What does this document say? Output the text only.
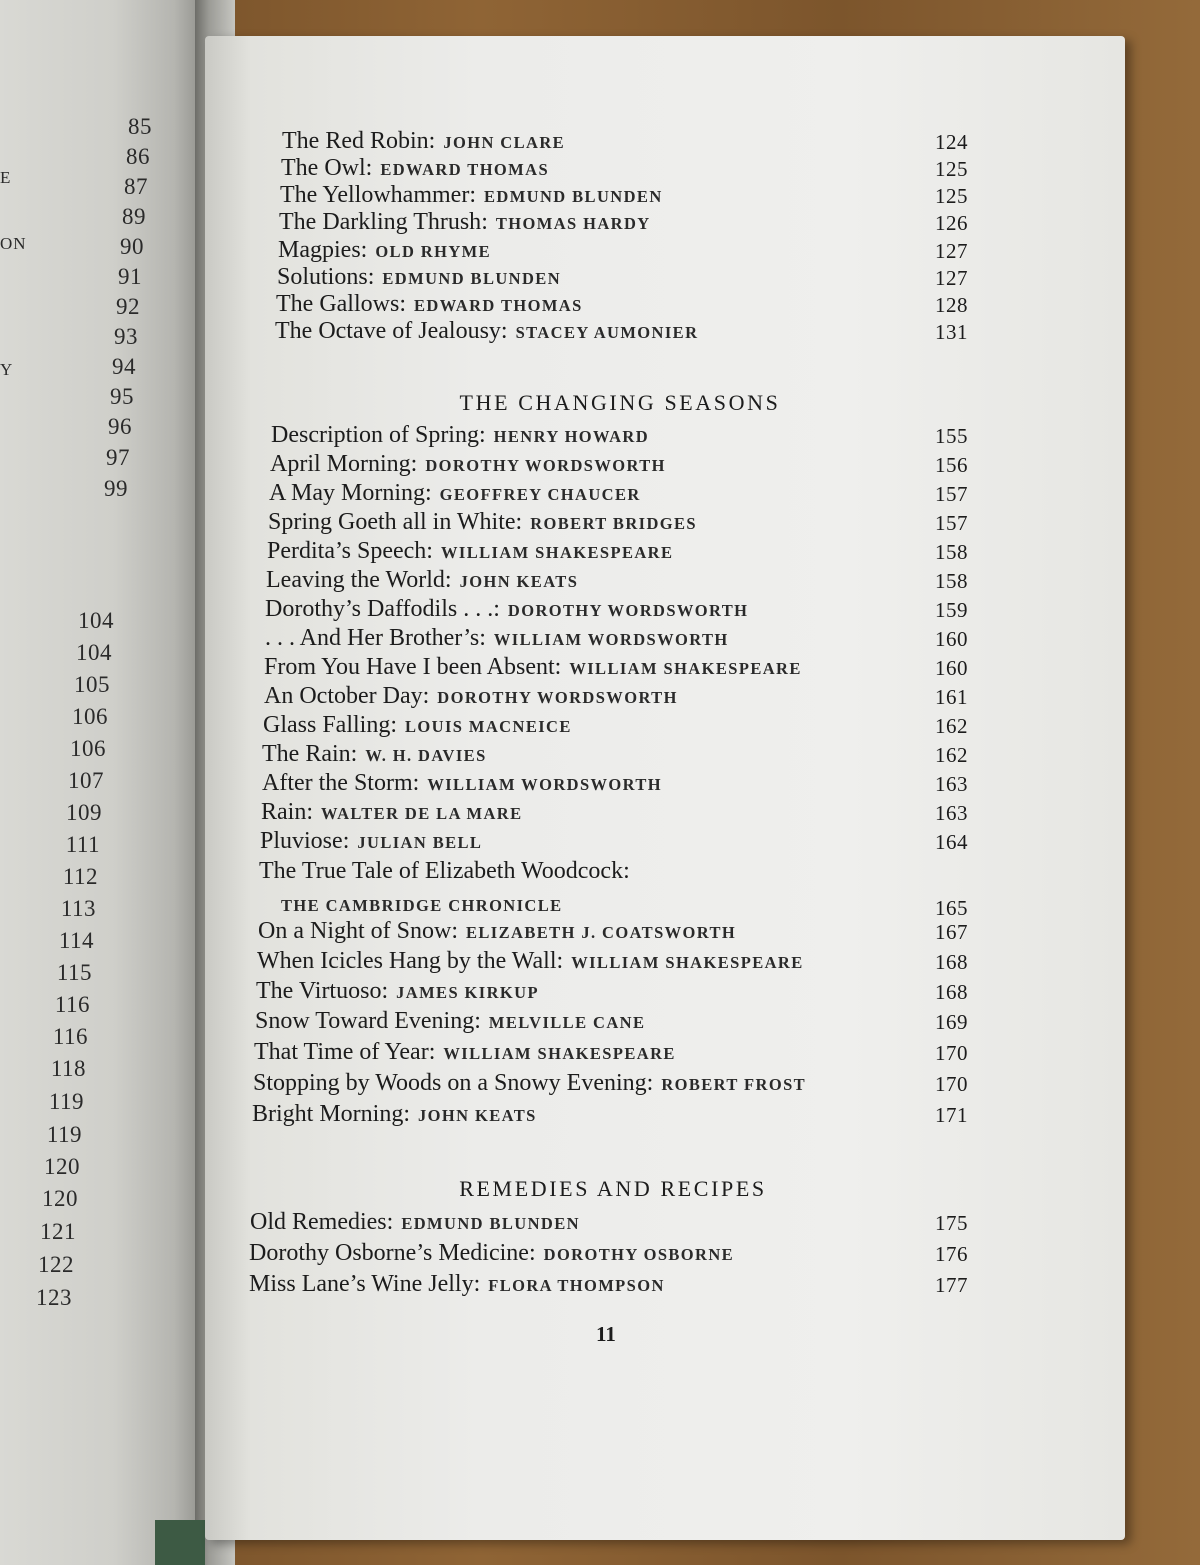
E
ON
Y
85
86
87
89
90
91
92
93
94
95
96
97
99
104
104
105
106
106
107
109
111
112
113
114
115
116
116
118
119
119
120
120
121
122
123
The Red Robin: JOHN CLARE	124
The Owl: EDWARD THOMAS	125
The Yellowhammer: EDMUND BLUNDEN	125
The Darkling Thrush: THOMAS HARDY	126
Magpies: OLD RHYME	127
Solutions: EDMUND BLUNDEN	127
The Gallows: EDWARD THOMAS	128
The Octave of Jealousy: STACEY AUMONIER	131
THE CHANGING SEASONS
Description of Spring: HENRY HOWARD	155
April Morning: DOROTHY WORDSWORTH	156
A May Morning: GEOFFREY CHAUCER	157
Spring Goeth all in White: ROBERT BRIDGES	157
Perdita’s Speech: WILLIAM SHAKESPEARE	158
Leaving the World: JOHN KEATS	158
Dorothy’s Daffodils . . .: DOROTHY WORDSWORTH	159
. . . And Her Brother’s: WILLIAM WORDSWORTH	160
From You Have I been Absent: WILLIAM SHAKESPEARE	160
An October Day: DOROTHY WORDSWORTH	161
Glass Falling: LOUIS MACNEICE	162
The Rain: W. H. DAVIES	162
After the Storm: WILLIAM WORDSWORTH	163
Rain: WALTER DE LA MARE	163
Pluviose: JULIAN BELL	164
The True Tale of Elizabeth Woodcock:
THE CAMBRIDGE CHRONICLE	165
On a Night of Snow: ELIZABETH J. COATSWORTH	167
When Icicles Hang by the Wall: WILLIAM SHAKESPEARE	168
The Virtuoso: JAMES KIRKUP	168
Snow Toward Evening: MELVILLE CANE	169
That Time of Year: WILLIAM SHAKESPEARE	170
Stopping by Woods on a Snowy Evening: ROBERT FROST	170
Bright Morning: JOHN KEATS	171
REMEDIES AND RECIPES
Old Remedies: EDMUND BLUNDEN	175
Dorothy Osborne’s Medicine: DOROTHY OSBORNE	176
Miss Lane’s Wine Jelly: FLORA THOMPSON	177
11
